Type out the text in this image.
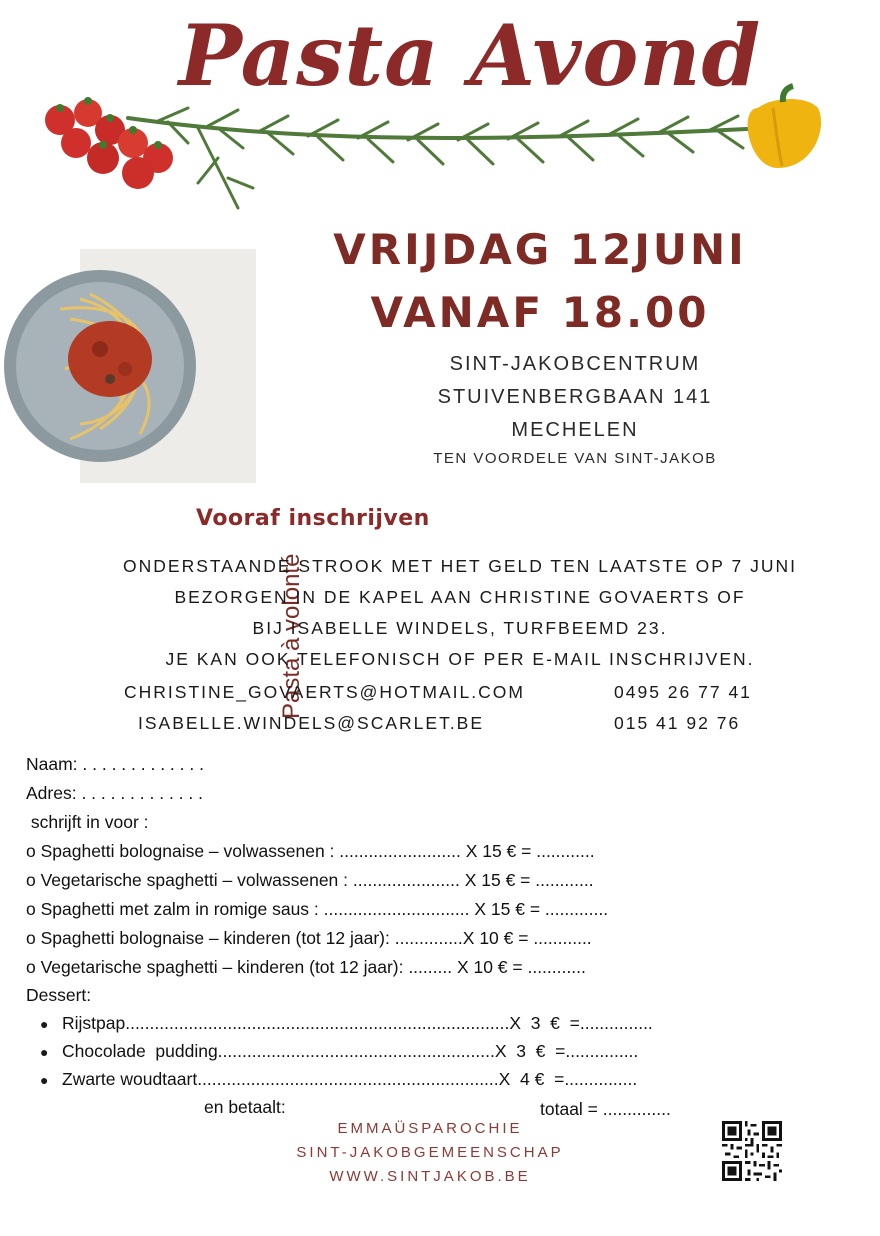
Pasta Avond
Pasta à volonté
VRIJDAG 12JUNI
VANAF 18.00
SINT-JAKOBCENTRUM
STUIVENBERGBAAN 141
MECHELEN
TEN VOORDELE VAN SINT-JAKOB
Vooraf inschrijven
ONDERSTAANDE STROOK MET HET GELD TEN LAATSTE OP 7 JUNI
BEZORGEN IN DE KAPEL AAN CHRISTINE GOVAERTS OF
BIJ ISABELLE WINDELS, TURFBEEMD 23.
JE KAN OOK TELEFONISCH OF PER E-MAIL INSCHRIJVEN.
CHRISTINE_GOVAERTS@HOTMAIL.COM	0495 26 77 41
ISABELLE.WINDELS@SCARLET.BE	015 41 92 76
Naam: . . . . . . . . . . . . .
Adres: . . . . . . . . . . . . .
schrijft in voor :
o Spaghetti bolognaise – volwassenen : ......................... X 15 € = ............
o Vegetarische spaghetti – volwassenen : ...................... X 15 € = ............
o Spaghetti met zalm in romige saus : .............................. X 15 € = .............
o Spaghetti bolognaise – kinderen (tot 12 jaar): ..............X 10 € = ............
o Vegetarische spaghetti – kinderen (tot 12 jaar): ......... X 10 € = ............
Dessert:
● Rijstpap...............................................................................X  3  €  =...............
● Chocolade  pudding.........................................................X  3  €  =...............
● Zwarte woudtaart..............................................................X  4 €  =...............
en betaalt:	totaal = ..............
EMMAÜSPAROCHIE
SINT-JAKOBGEMEENSCHAP
WWW.SINTJAKOB.BE
